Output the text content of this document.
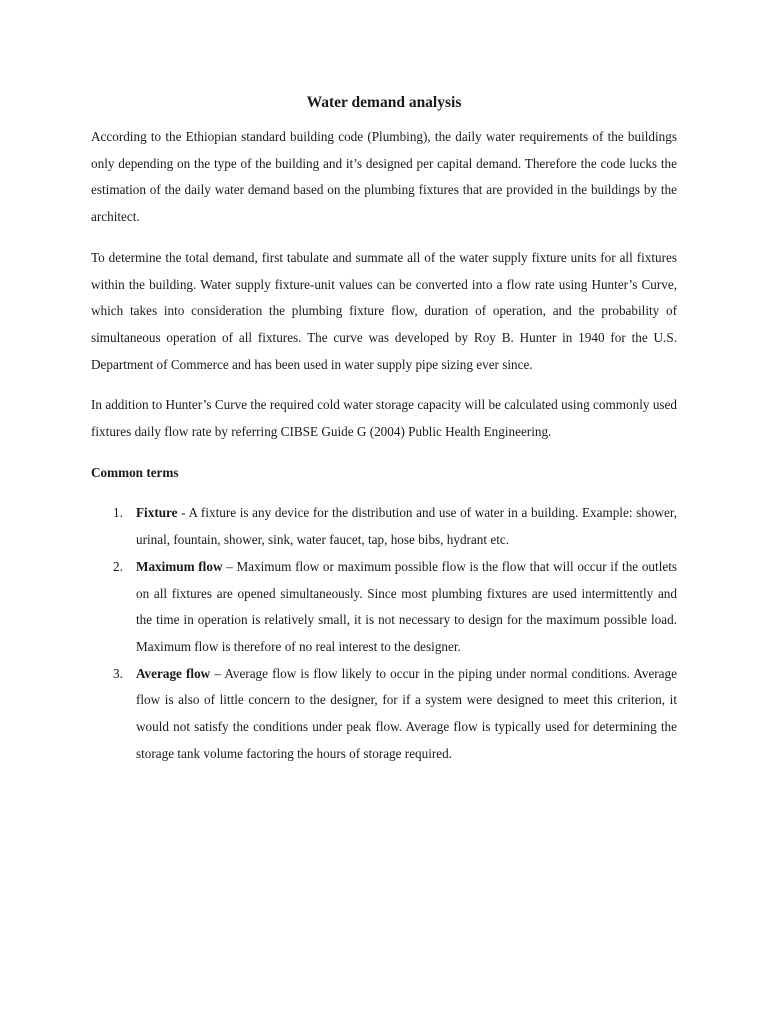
Water demand analysis

According to the Ethiopian standard building code (Plumbing), the daily water requirements of the buildings only depending on the type of the building and it’s designed per capital demand. Therefore the code lucks the estimation of the daily water demand based on the plumbing fixtures that are provided in the buildings by the architect.

To determine the total demand, first tabulate and summate all of the water supply fixture units for all fixtures within the building. Water supply fixture-unit values can be converted into a flow rate using Hunter’s Curve, which takes into consideration the plumbing fixture flow, duration of operation, and the probability of simultaneous operation of all fixtures. The curve was developed by Roy B. Hunter in 1940 for the U.S. Department of Commerce and has been used in water supply pipe sizing ever since.

In addition to Hunter’s Curve the required cold water storage capacity will be calculated using commonly used fixtures daily flow rate by referring CIBSE Guide G (2004) Public Health Engineering.

Common terms
1. Fixture - A fixture is any device for the distribution and use of water in a building. Example: shower, urinal, fountain, shower, sink, water faucet, tap, hose bibs, hydrant etc.
2. Maximum flow – Maximum flow or maximum possible flow is the flow that will occur if the outlets on all fixtures are opened simultaneously. Since most plumbing fixtures are used intermittently and the time in operation is relatively small, it is not necessary to design for the maximum possible load. Maximum flow is therefore of no real interest to the designer.
3. Average flow – Average flow is flow likely to occur in the piping under normal conditions. Average flow is also of little concern to the designer, for if a system were designed to meet this criterion, it would not satisfy the conditions under peak flow. Average flow is typically used for determining the storage tank volume factoring the hours of storage required.
